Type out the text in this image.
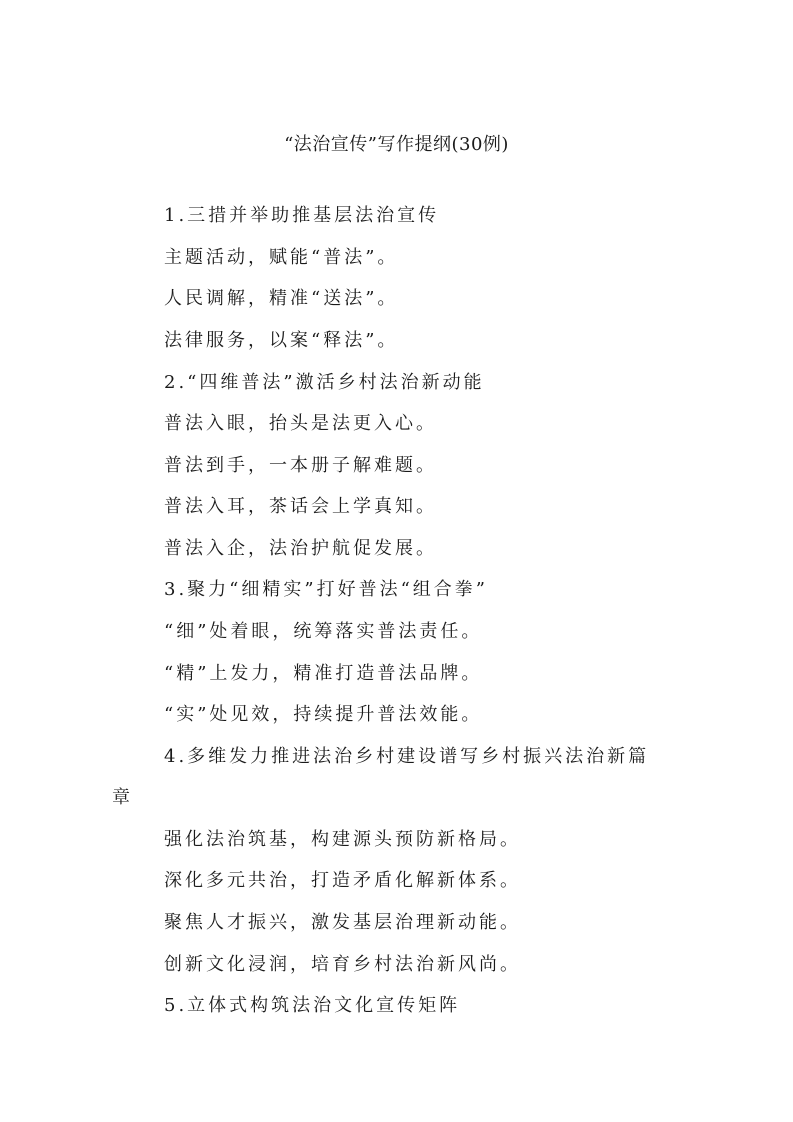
“法治宣传”写作提纲(30例)
1.三措并举助推基层法治宣传
主题活动，赋能“普法”。
人民调解，精准“送法”。
法律服务，以案“释法”。
2.“四维普法”激活乡村法治新动能
普法入眼，抬头是法更入心。
普法到手，一本册子解难题。
普法入耳，茶话会上学真知。
普法入企，法治护航促发展。
3.聚力“细精实”打好普法“组合拳”
“细”处着眼，统筹落实普法责任。
“精”上发力，精准打造普法品牌。
“实”处见效，持续提升普法效能。
4.多维发力推进法治乡村建设谱写乡村振兴法治新篇
章
强化法治筑基，构建源头预防新格局。
深化多元共治，打造矛盾化解新体系。
聚焦人才振兴，激发基层治理新动能。
创新文化浸润，培育乡村法治新风尚。
5.立体式构筑法治文化宣传矩阵
